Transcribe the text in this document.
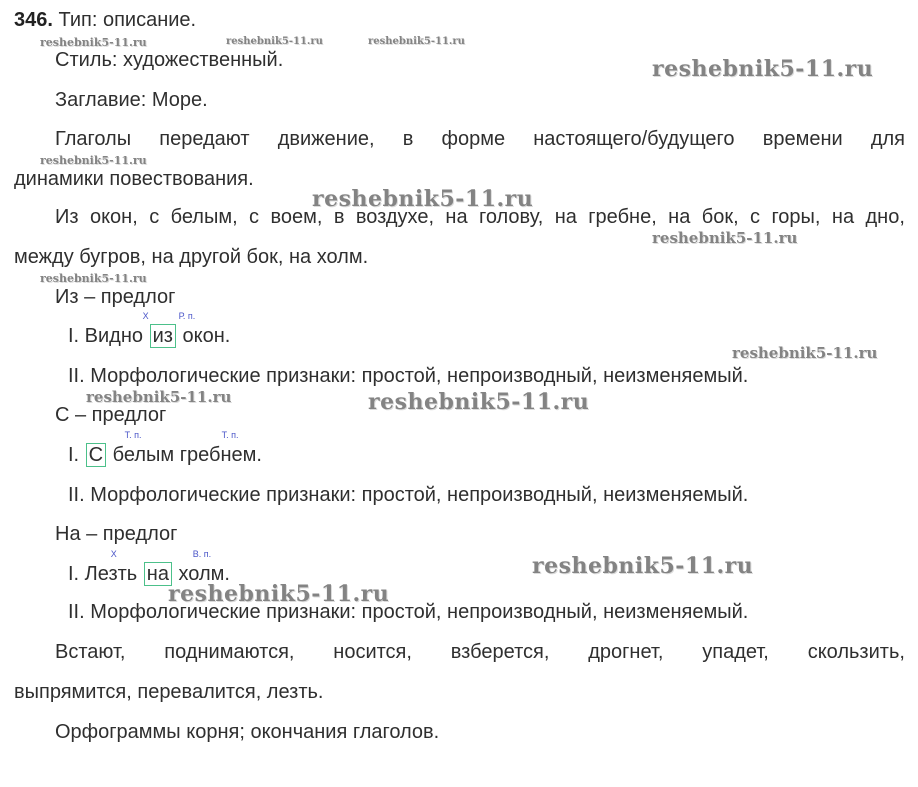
346. Тип: описание.
Стиль: художественный.
Заглавие: Море.
Глаголы передают движение, в форме настоящего/будущего времени для
динамики повествования.
Из окон, с белым, с воем, в воздухе, на голову, на гребне, на бок, с горы, на дно,
между бугров, на другой бок, на холм.
Из – предлог
I. Видно
X
из
Р. п.
окон.
II. Морфологические признаки: простой, непроизводный, неизменяемый.
С – предлог
I. С
Т. п.	Т. п.
белым гребнем.
II. Морфологические признаки: простой, непроизводный, неизменяемый.
На – предлог
I. Лезть
X
на
В. п.
холм.
II. Морфологические признаки: простой, непроизводный, неизменяемый.
Встают, поднимаются, носится, взберется, дрогнет, упадет, скользить,
выпрямится, перевалится, лезть.
Орфограммы корня; окончания глаголов.
reshebnik5-11.ru	reshebnik5-11.ru	reshebnik5-11.ru
reshebnik5-11.ru
reshebnik5-11.ru
reshebnik5-11.ru
reshebnik5-11.ru
reshebnik5-11.ru
reshebnik5-11.ru
reshebnik5-11.ru	reshebnik5-11.ru
reshebnik5-11.ru
reshebnik5-11.ru
